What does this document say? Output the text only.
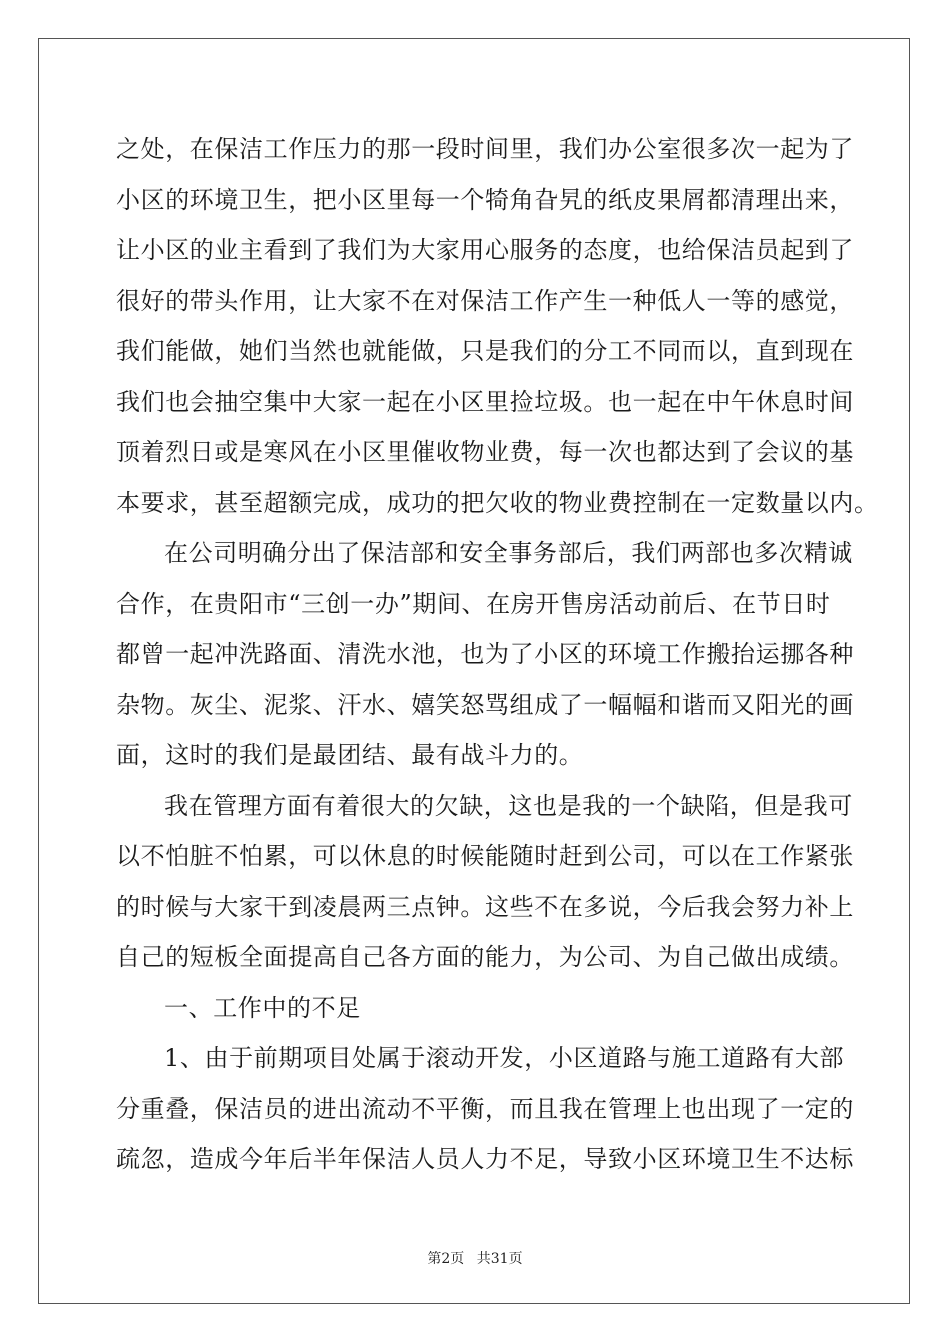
之处，在保洁工作压力的那一段时间里，我们办公室很多次一起为了
小区的环境卫生，把小区里每一个犄角旮旯的纸皮果屑都清理出来，
让小区的业主看到了我们为大家用心服务的态度，也给保洁员起到了
很好的带头作用，让大家不在对保洁工作产生一种低人一等的感觉，
我们能做，她们当然也就能做，只是我们的分工不同而以，直到现在
我们也会抽空集中大家一起在小区里捡垃圾。也一起在中午休息时间
顶着烈日或是寒风在小区里催收物业费，每一次也都达到了会议的基
本要求，甚至超额完成，成功的把欠收的物业费控制在一定数量以内。
在公司明确分出了保洁部和安全事务部后，我们两部也多次精诚
合作，在贵阳市“三创一办”期间、在房开售房活动前后、在节日时
都曾一起冲洗路面、清洗水池，也为了小区的环境工作搬抬运挪各种
杂物。灰尘、泥浆、汗水、嬉笑怒骂组成了一幅幅和谐而又阳光的画
面，这时的我们是最团结、最有战斗力的。
我在管理方面有着很大的欠缺，这也是我的一个缺陷，但是我可
以不怕脏不怕累，可以休息的时候能随时赶到公司，可以在工作紧张
的时候与大家干到凌晨两三点钟。这些不在多说，今后我会努力补上
自己的短板全面提高自己各方面的能力，为公司、为自己做出成绩。
一、工作中的不足
1、由于前期项目处属于滚动开发，小区道路与施工道路有大部
分重叠，保洁员的进出流动不平衡，而且我在管理上也出现了一定的
疏忽，造成今年后半年保洁人员人力不足，导致小区环境卫生不达标
第2页 共31页
